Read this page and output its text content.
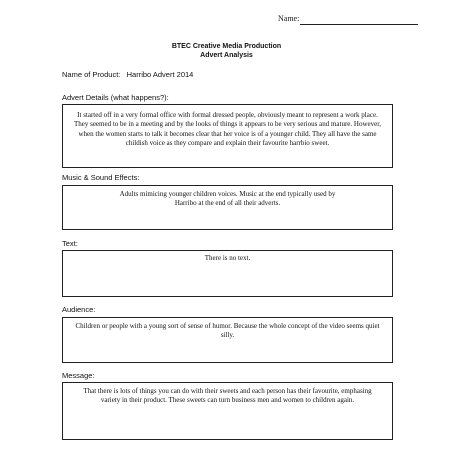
Name:
BTEC Creative Media Production
Advert Analysis
Name of Product: Harribo Advert 2014
Advert Details (what happens?):
It started off in a very formal office with formal dressed people, obviously meant to represent a work place. They seemed to be in a meeting and by the looks of things it appears to be very serious and mature. However, when the women starts to talk it becomes clear that her voice is of a younger child. They all have the same childish voice as they compare and explain their favourite harrbio sweet.
Music & Sound Effects:
Adults mimicing younger children voices. Music at the end typically used by Harribo at the end of all their adverts.
Text:
There is no text.
Audience:
Children or people with a young sort of sense of humor. Because the whole concept of the video seems quiet silly.
Message:
That there is lots of things you can do with their sweets and each person has their favourite, emphasing variety in their product. These sweets can turn business men and women to children again.
